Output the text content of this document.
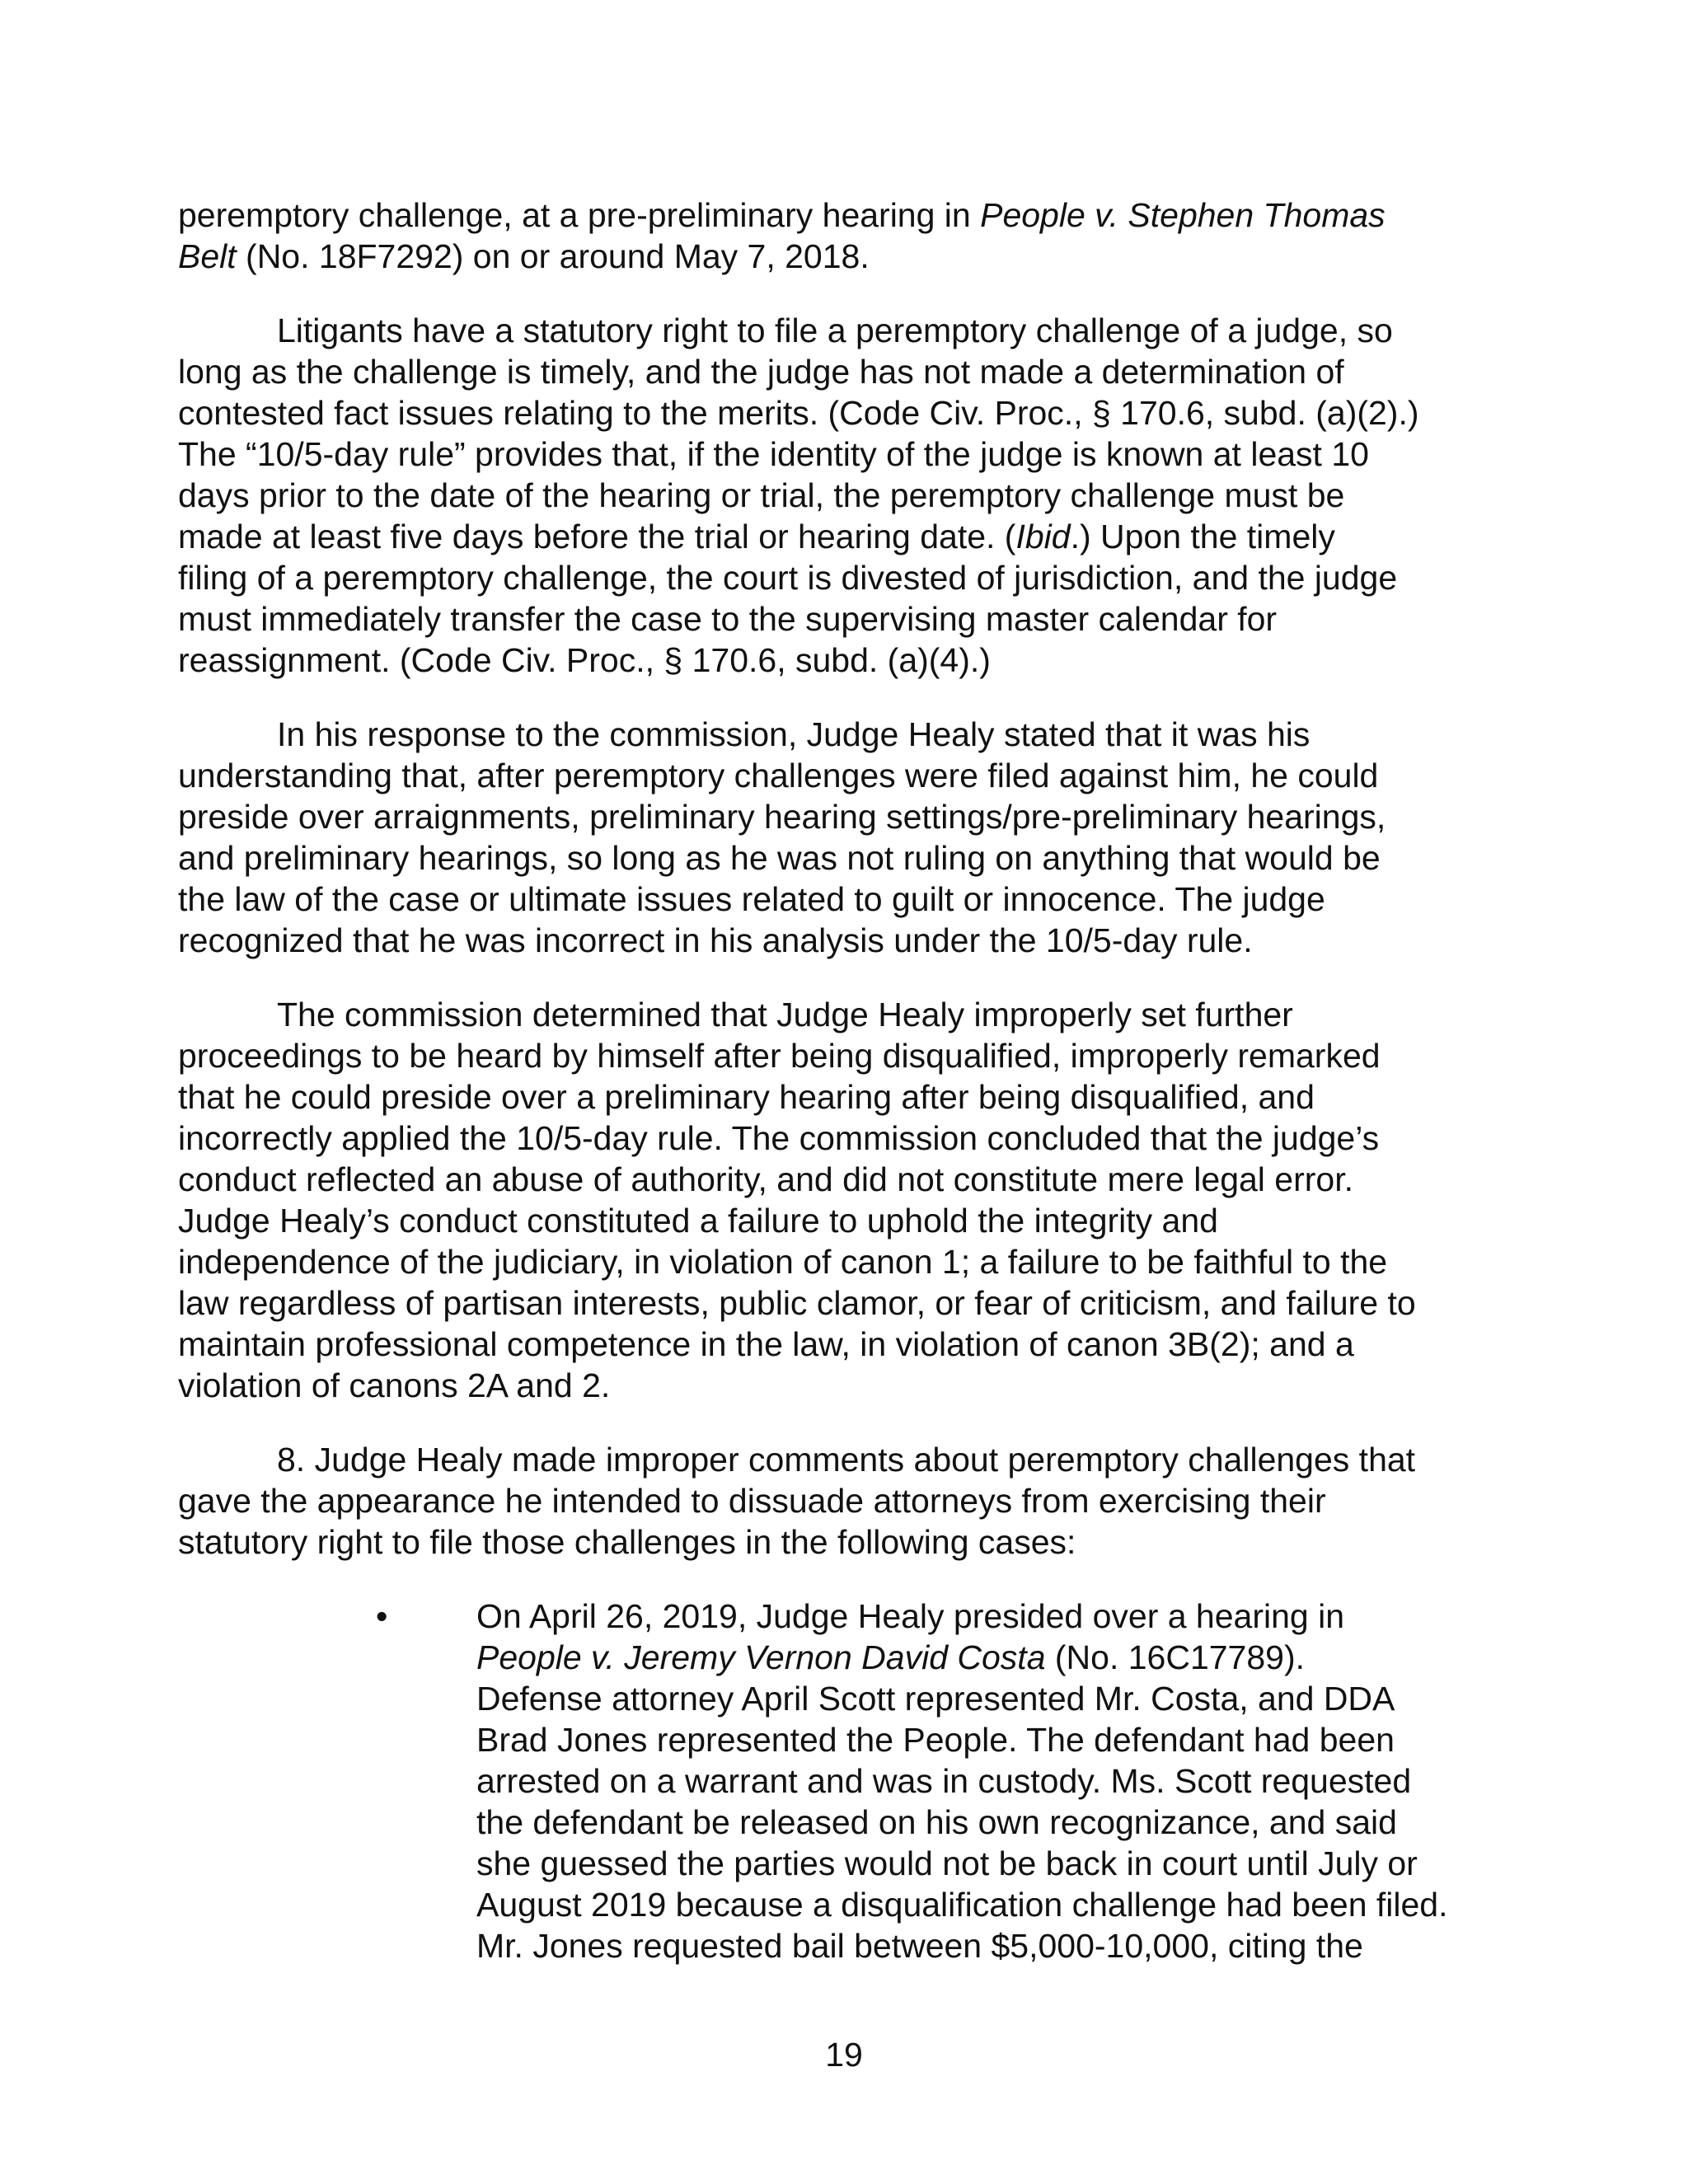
peremptory challenge, at a pre-preliminary hearing in People v. Stephen Thomas
Belt (No. 18F7292) on or around May 7, 2018.
Litigants have a statutory right to file a peremptory challenge of a judge, so
long as the challenge is timely, and the judge has not made a determination of
contested fact issues relating to the merits. (Code Civ. Proc., § 170.6, subd. (a)(2).)
The “10/5-day rule” provides that, if the identity of the judge is known at least 10
days prior to the date of the hearing or trial, the peremptory challenge must be
made at least five days before the trial or hearing date. (Ibid.) Upon the timely
filing of a peremptory challenge, the court is divested of jurisdiction, and the judge
must immediately transfer the case to the supervising master calendar for
reassignment. (Code Civ. Proc., § 170.6, subd. (a)(4).)
In his response to the commission, Judge Healy stated that it was his
understanding that, after peremptory challenges were filed against him, he could
preside over arraignments, preliminary hearing settings/pre-preliminary hearings,
and preliminary hearings, so long as he was not ruling on anything that would be
the law of the case or ultimate issues related to guilt or innocence. The judge
recognized that he was incorrect in his analysis under the 10/5-day rule.
The commission determined that Judge Healy improperly set further
proceedings to be heard by himself after being disqualified, improperly remarked
that he could preside over a preliminary hearing after being disqualified, and
incorrectly applied the 10/5-day rule. The commission concluded that the judge’s
conduct reflected an abuse of authority, and did not constitute mere legal error.
Judge Healy’s conduct constituted a failure to uphold the integrity and
independence of the judiciary, in violation of canon 1; a failure to be faithful to the
law regardless of partisan interests, public clamor, or fear of criticism, and failure to
maintain professional competence in the law, in violation of canon 3B(2); and a
violation of canons 2A and 2.
8. Judge Healy made improper comments about peremptory challenges that
gave the appearance he intended to dissuade attorneys from exercising their
statutory right to file those challenges in the following cases:
•	On April 26, 2019, Judge Healy presided over a hearing in
People v. Jeremy Vernon David Costa (No. 16C17789).
Defense attorney April Scott represented Mr. Costa, and DDA
Brad Jones represented the People. The defendant had been
arrested on a warrant and was in custody. Ms. Scott requested
the defendant be released on his own recognizance, and said
she guessed the parties would not be back in court until July or
August 2019 because a disqualification challenge had been filed.
Mr. Jones requested bail between $5,000-10,000, citing the
19
